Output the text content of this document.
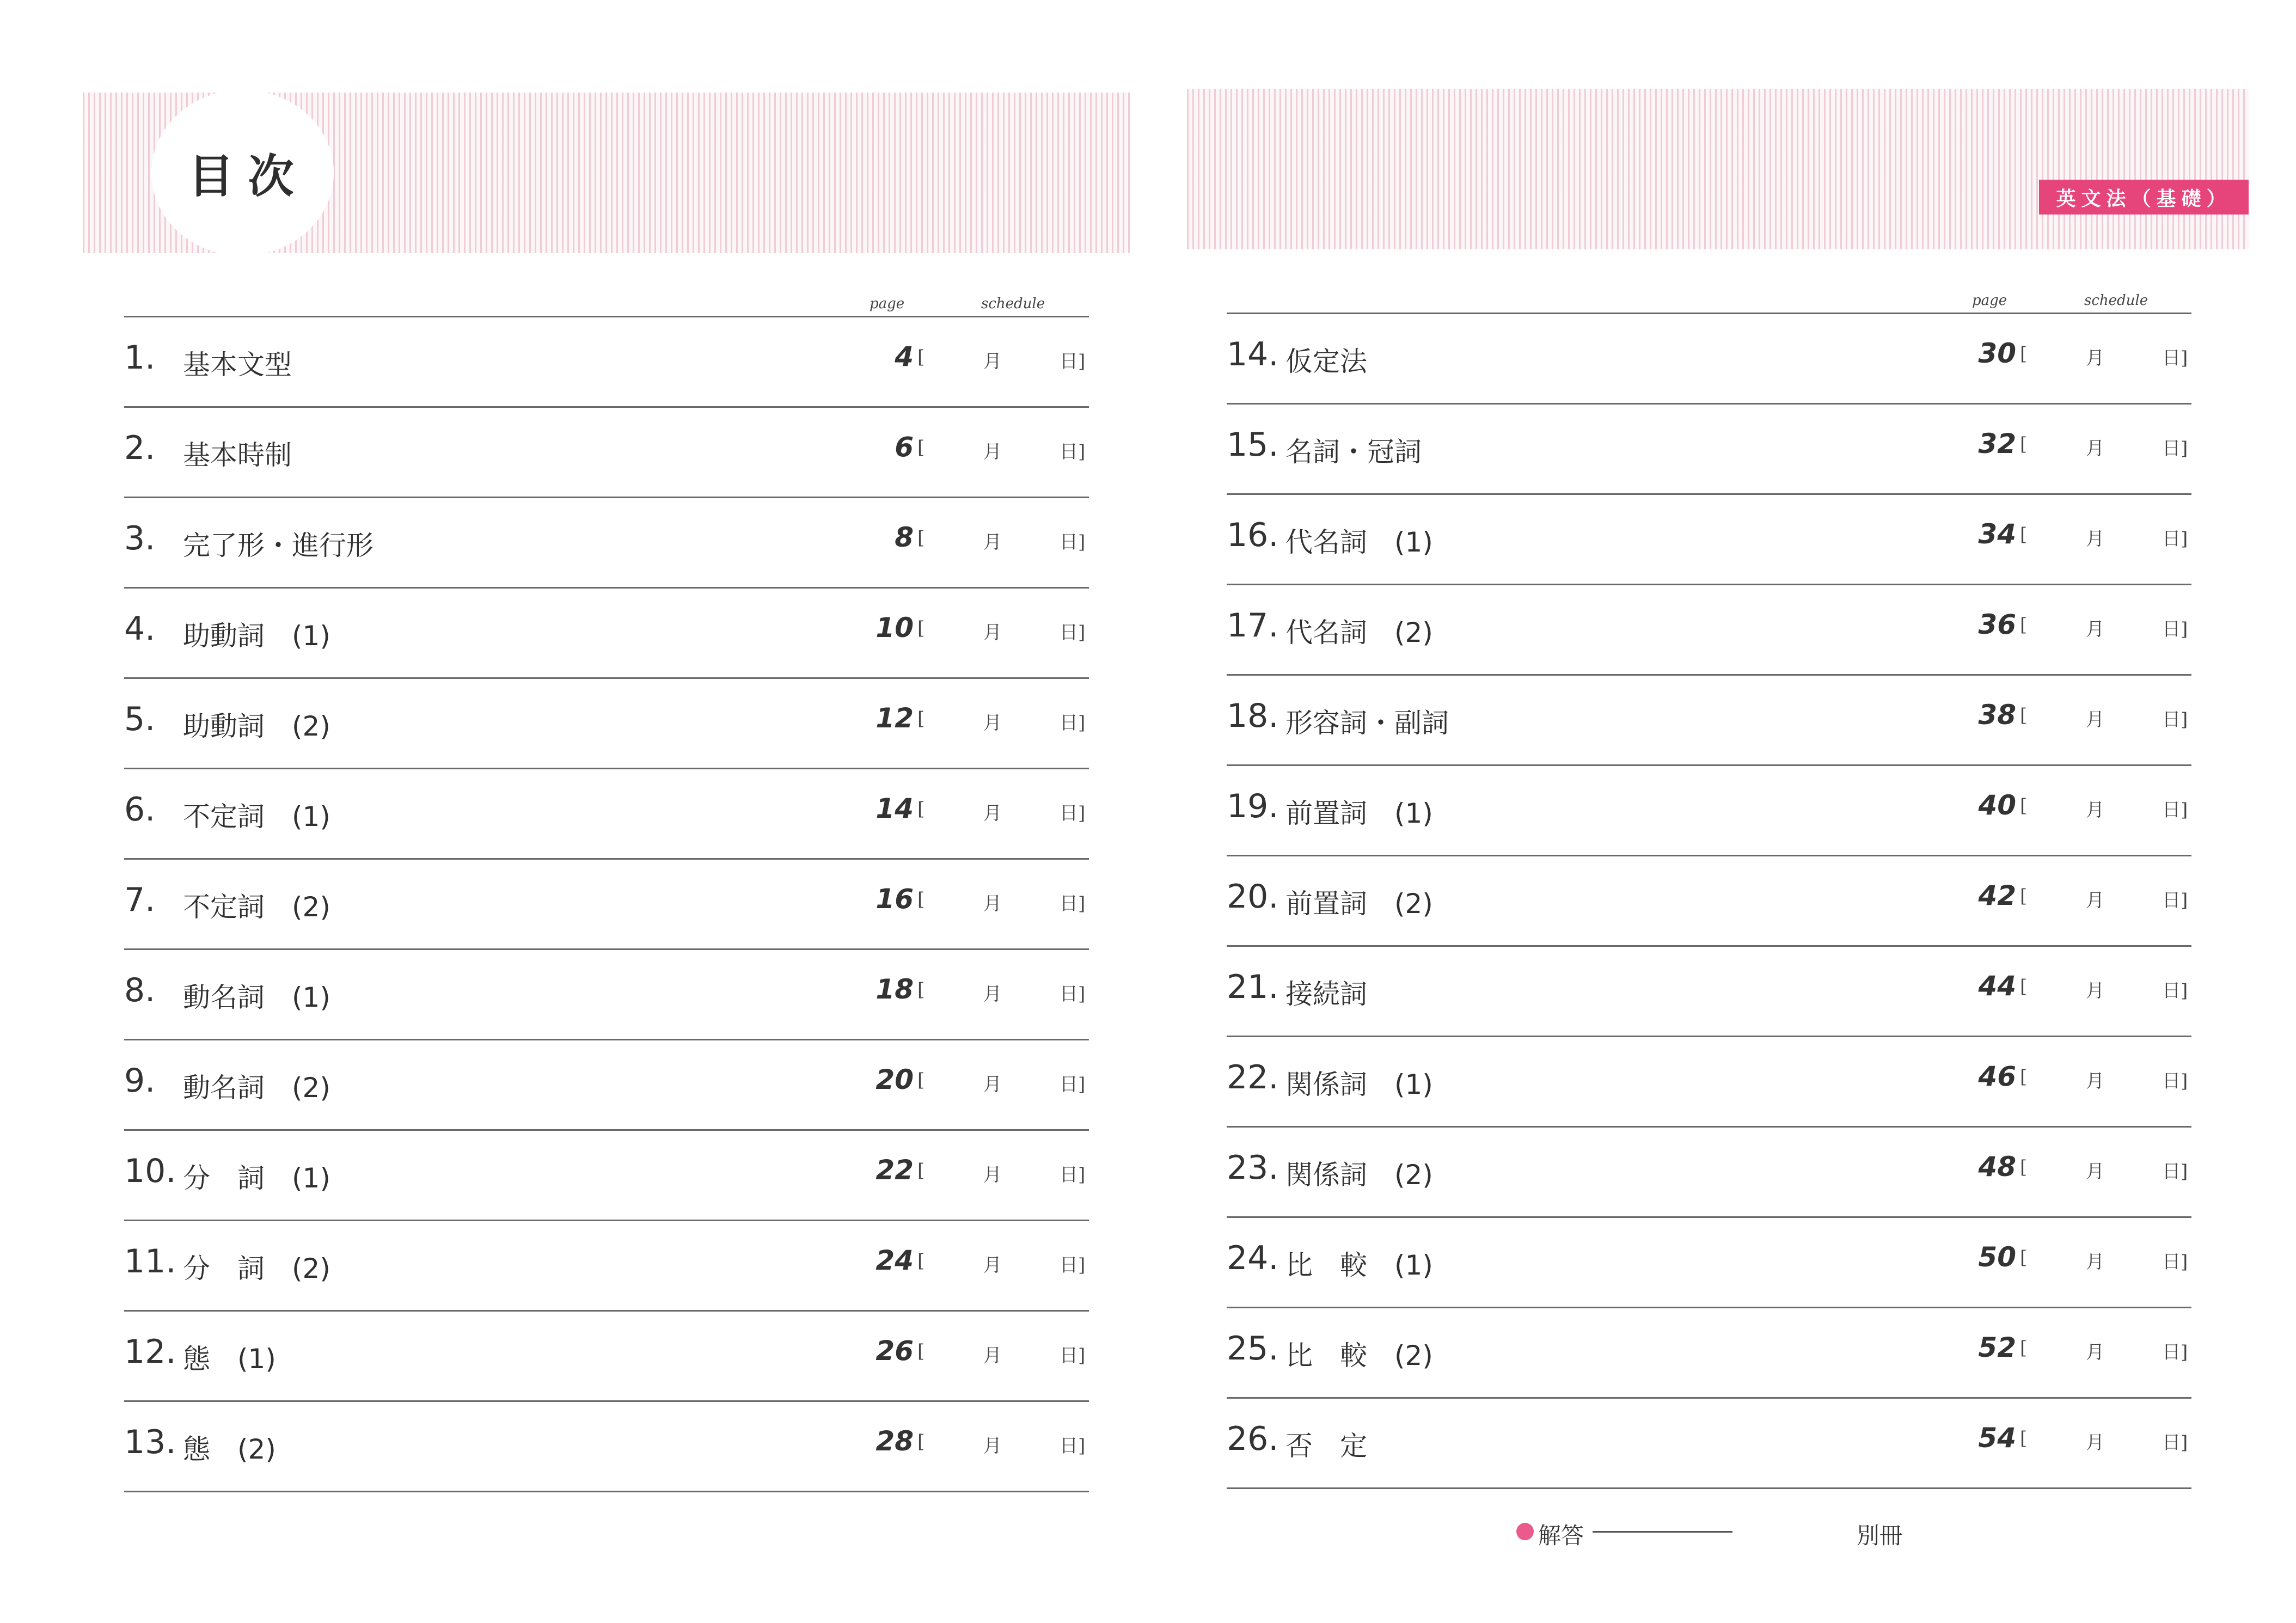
目次	英文法（基礎）
page	schedule	page	schedule
1. 基本文型	4 [	月	日]
2. 基本時制	6 [	月	日]
3. 完了形・進行形	8 [	月	日]
4. 助動詞　(1)	10 [	月	日]
5. 助動詞　(2)	12 [	月	日]
6. 不定詞　(1)	14 [	月	日]
7. 不定詞　(2)	16 [	月	日]
8. 動名詞　(1)	18 [	月	日]
9. 動名詞　(2)	20 [	月	日]
10. 分　詞　(1)	22 [	月	日]
11. 分　詞　(2)	24 [	月	日]
12. 態　(1)	26 [	月	日]
13. 態　(2)	28 [	月	日]
14. 仮定法	30 [	月	日]
15. 名詞・冠詞	32 [	月	日]
16. 代名詞　(1)	34 [	月	日]
17. 代名詞　(2)	36 [	月	日]
18. 形容詞・副詞	38 [	月	日]
19. 前置詞　(1)	40 [	月	日]
20. 前置詞　(2)	42 [	月	日]
21. 接続詞	44 [	月	日]
22. 関係詞　(1)	46 [	月	日]
23. 関係詞　(2)	48 [	月	日]
24. 比　較　(1)	50 [	月	日]
25. 比　較　(2)	52 [	月	日]
26. 否　定	54 [	月	日]
解答	別冊
